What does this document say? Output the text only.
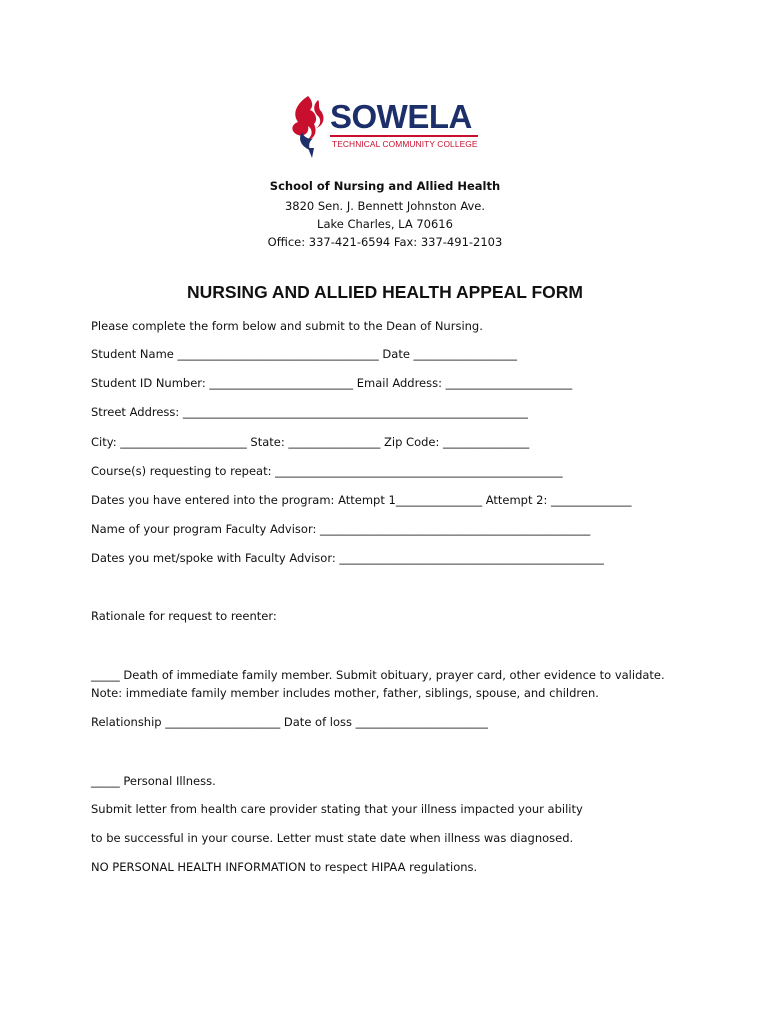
SOWELA
TECHNICAL COMMUNITY COLLEGE
School of Nursing and Allied Health
3820 Sen. J. Bennett Johnston Ave.
Lake Charles, LA 70616
Office: 337-421-6594 Fax: 337-491-2103
NURSING AND ALLIED HEALTH APPEAL FORM
Please complete the form below and submit to the Dean of Nursing.
Student Name ___________________________________ Date __________________
Student ID Number: _________________________ Email Address: ______________________
Street Address: ____________________________________________________________
City: ______________________ State: ________________ Zip Code: _______________
Course(s) requesting to repeat: __________________________________________________
Dates you have entered into the program: Attempt 1_______________ Attempt 2: ______________
Name of your program Faculty Advisor: _______________________________________________
Dates you met/spoke with Faculty Advisor: ______________________________________________
Rationale for request to reenter:
_____ Death of immediate family member. Submit obituary, prayer card, other evidence to validate.
Note: immediate family member includes mother, father, siblings, spouse, and children.
Relationship ____________________ Date of loss _______________________
_____ Personal Illness.
Submit letter from health care provider stating that your illness impacted your ability
to be successful in your course. Letter must state date when illness was diagnosed.
NO PERSONAL HEALTH INFORMATION to respect HIPAA regulations.
